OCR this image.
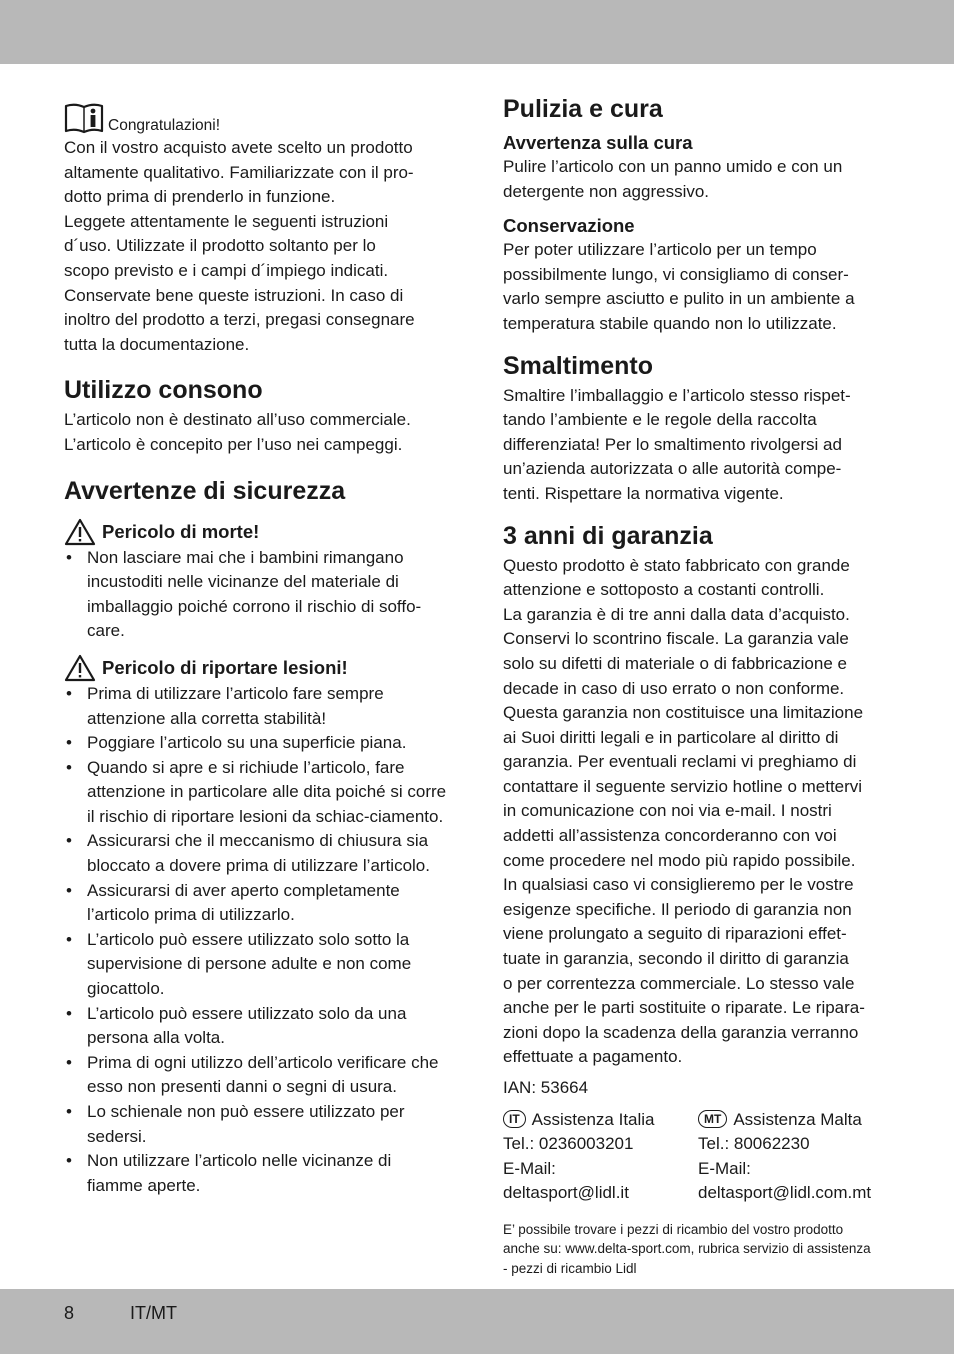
Congratulazioni!

Con il vostro acquisto avete scelto un prodotto

altamente qualitativo. Familiarizzate con il pro-

dotto prima di prenderlo in funzione.

Leggete attentamente le seguenti istruzioni

d´uso. Utilizzate il prodotto soltanto per lo

scopo previsto e i campi d´impiego indicati.

Conservate bene queste istruzioni. In caso di

inoltro del prodotto a terzi, pregasi consegnare

tutta la documentazione.

Utilizzo consono

L’articolo non è destinato all’uso commerciale.

L’articolo è concepito per l’uso nei campeggi.

Avvertenze di sicurezza
Pericolo di morte!
• Non lasciare mai che i bambini rimangano incustoditi nelle vicinanze del materiale di imballaggio poiché corrono il rischio di soffo-care.
Pericolo di riportare lesioni!
• Prima di utilizzare l’articolo fare sempre attenzione alla corretta stabilità!
• Poggiare l’articolo su una superficie piana.
• Quando si apre e si richiude l’articolo, fare attenzione in particolare alle dita poiché si corre il rischio di riportare lesioni da schiac-ciamento.
• Assicurarsi che il meccanismo di chiusura sia bloccato a dovere prima di utilizzare l’articolo.
• Assicurarsi di aver aperto completamente l’articolo prima di utilizzarlo.
• L’articolo può essere utilizzato solo sotto la supervisione di persone adulte e non come giocattolo.
• L’articolo può essere utilizzato solo da una persona alla volta.
• Prima di ogni utilizzo dell’articolo verificare che esso non presenti danni o segni di usura.
• Lo schienale non può essere utilizzato per sedersi.
• Non utilizzare l’articolo nelle vicinanze di fiamme aperte.
Pulizia e cura
Avvertenza sulla cura

Pulire l’articolo con un panno umido e con un

detergente non aggressivo.

Conservazione

Per poter utilizzare l’articolo per un tempo

possibilmente lungo, vi consigliamo di conser-

varlo sempre asciutto e pulito in un ambiente a

temperatura stabile quando non lo utilizzate.

Smaltimento

Smaltire l’imballaggio e l’articolo stesso rispet-

tando l’ambiente e le regole della raccolta

differenziata! Per lo smaltimento rivolgersi ad

un’azienda autorizzata o alle autorità compe-

tenti. Rispettare la normativa vigente.

3 anni di garanzia

Questo prodotto è stato fabbricato con grande

attenzione e sottoposto a costanti controlli.

La garanzia è di tre anni dalla data d’acquisto.

Conservi lo scontrino fiscale. La garanzia vale

solo su difetti di materiale o di fabbricazione e

decade in caso di uso errato o non conforme.

Questa garanzia non costituisce una limitazione

ai Suoi diritti legali e in particolare al diritto di

garanzia. Per eventuali reclami vi preghiamo di

contattare il seguente servizio hotline o mettervi

in comunicazione con noi via e-mail. I nostri

addetti all’assistenza concorderanno con voi

come procedere nel modo più rapido possibile.

In qualsiasi caso vi consiglieremo per le vostre

esigenze specifiche. Il periodo di garanzia non

viene prolungato a seguito di riparazioni effet-

tuate in garanzia, secondo il diritto di garanzia

o per correntezza commerciale. Lo stesso vale

anche per le parti sostituite o riparate. Le ripara-

zioni dopo la scadenza della garanzia verranno

effettuate a pagamento.

IAN: 53664

IT Assistenza Italia

Tel.: 0236003201

E-Mail:

deltasport@lidl.it

MT Assistenza Malta

Tel.: 80062230

E-Mail:

deltasport@lidl.com.mt

E’ possibile trovare i pezzi di ricambio del vostro prodotto

anche su: www.delta-sport.com, rubrica servizio di assistenza

- pezzi di ricambio Lidl

8	IT/MT
